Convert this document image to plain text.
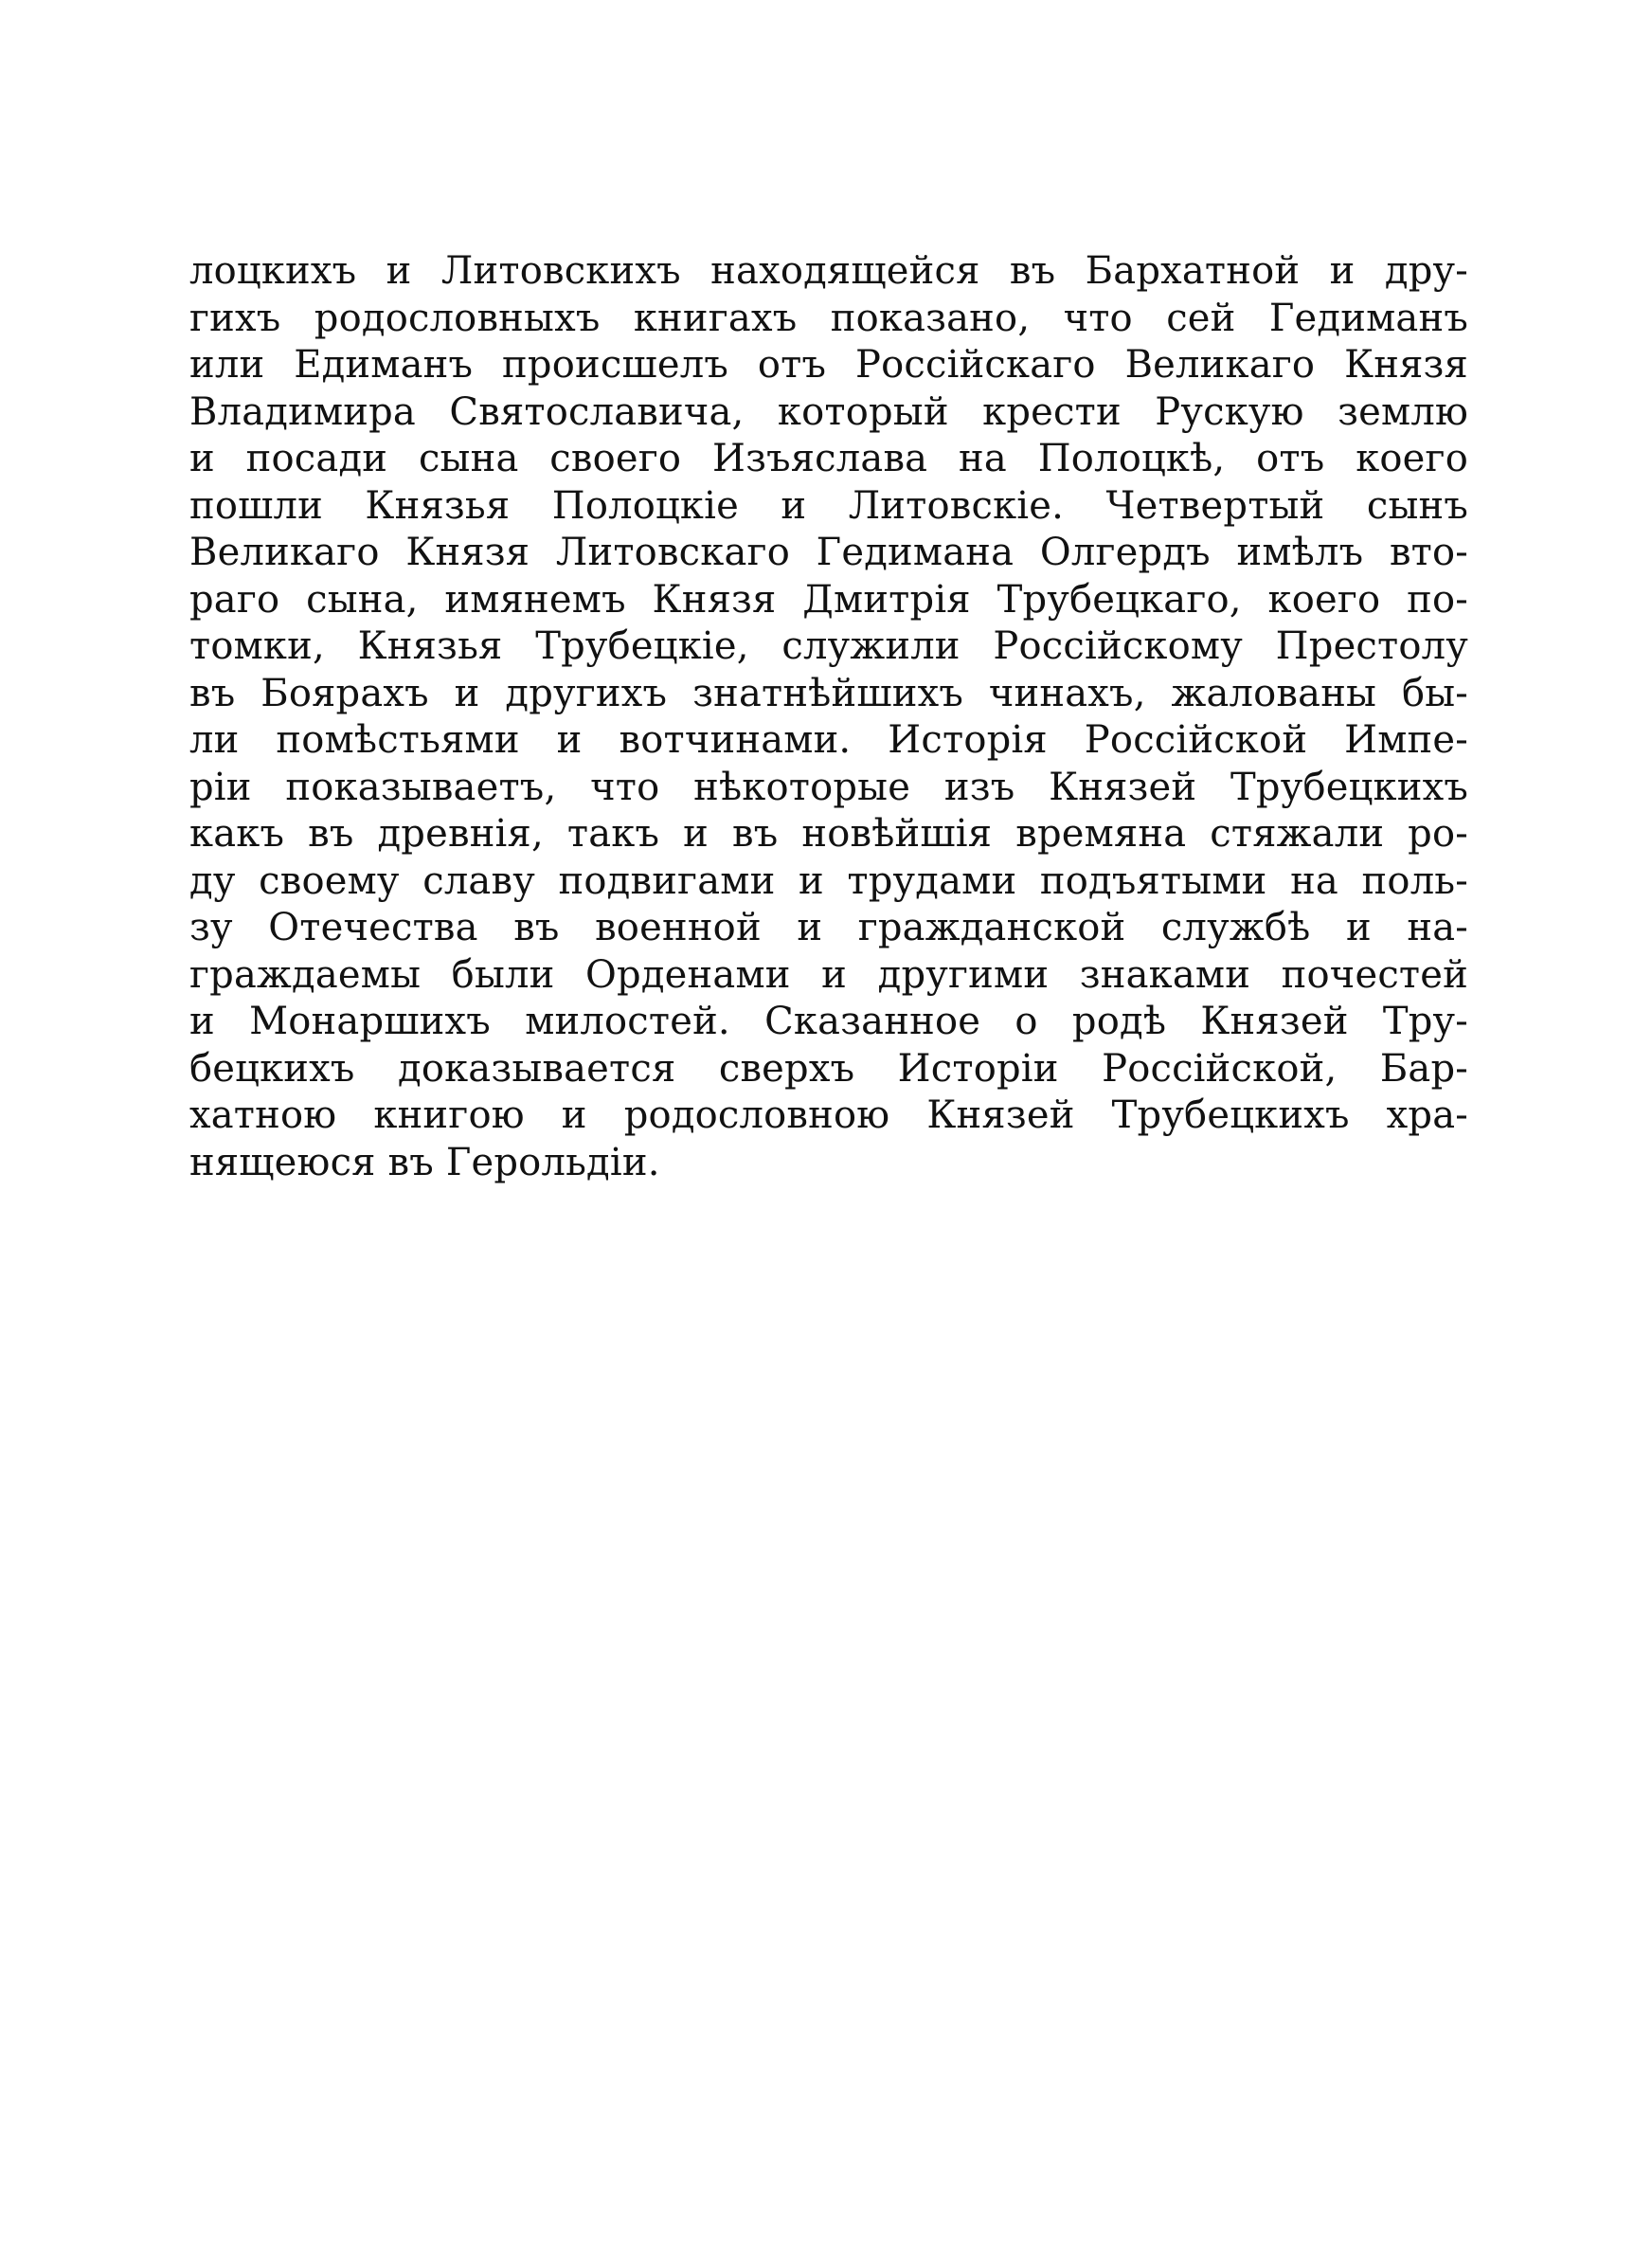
лоцкихъ и Литовскихъ находящейся въ Бархатной и дру-
гихъ родословныхъ книгахъ показано, что сей Гедиманъ
или Едиманъ происшелъ отъ Россійскаго Великаго Князя
Владимира Святославича, который крести Рускую землю
и посади сына своего Изъяслава на Полоцкѣ, отъ коего
пошли Князья Полоцкіе и Литовскіе. Четвертый сынъ
Великаго Князя Литовскаго Гедимана Олгердъ имѣлъ вто-
раго сына, имянемъ Князя Дмитрія Трубецкаго, коего по-
томки, Князья Трубецкіе, служили Россійскому Престолу
въ Боярахъ и другихъ знатнѣйшихъ чинахъ, жалованы бы-
ли помѣстьями и вотчинами. Исторія Россійской Импе-
ріи показываетъ, что нѣкоторые изъ Князей Трубецкихъ
какъ въ древнія, такъ и въ новѣйшія времяна стяжали ро-
ду своему славу подвигами и трудами подъятыми на поль-
зу Отечества въ военной и гражданской службѣ и на-
граждаемы были Орденами и другими знаками почестей
и Монаршихъ милостей. Сказанное о родѣ Князей Тру-
бецкихъ доказывается сверхъ Исторіи Россійской, Бар-
хатною книгою и родословною Князей Трубецкихъ хра-
нящеюся въ Герольдіи.
